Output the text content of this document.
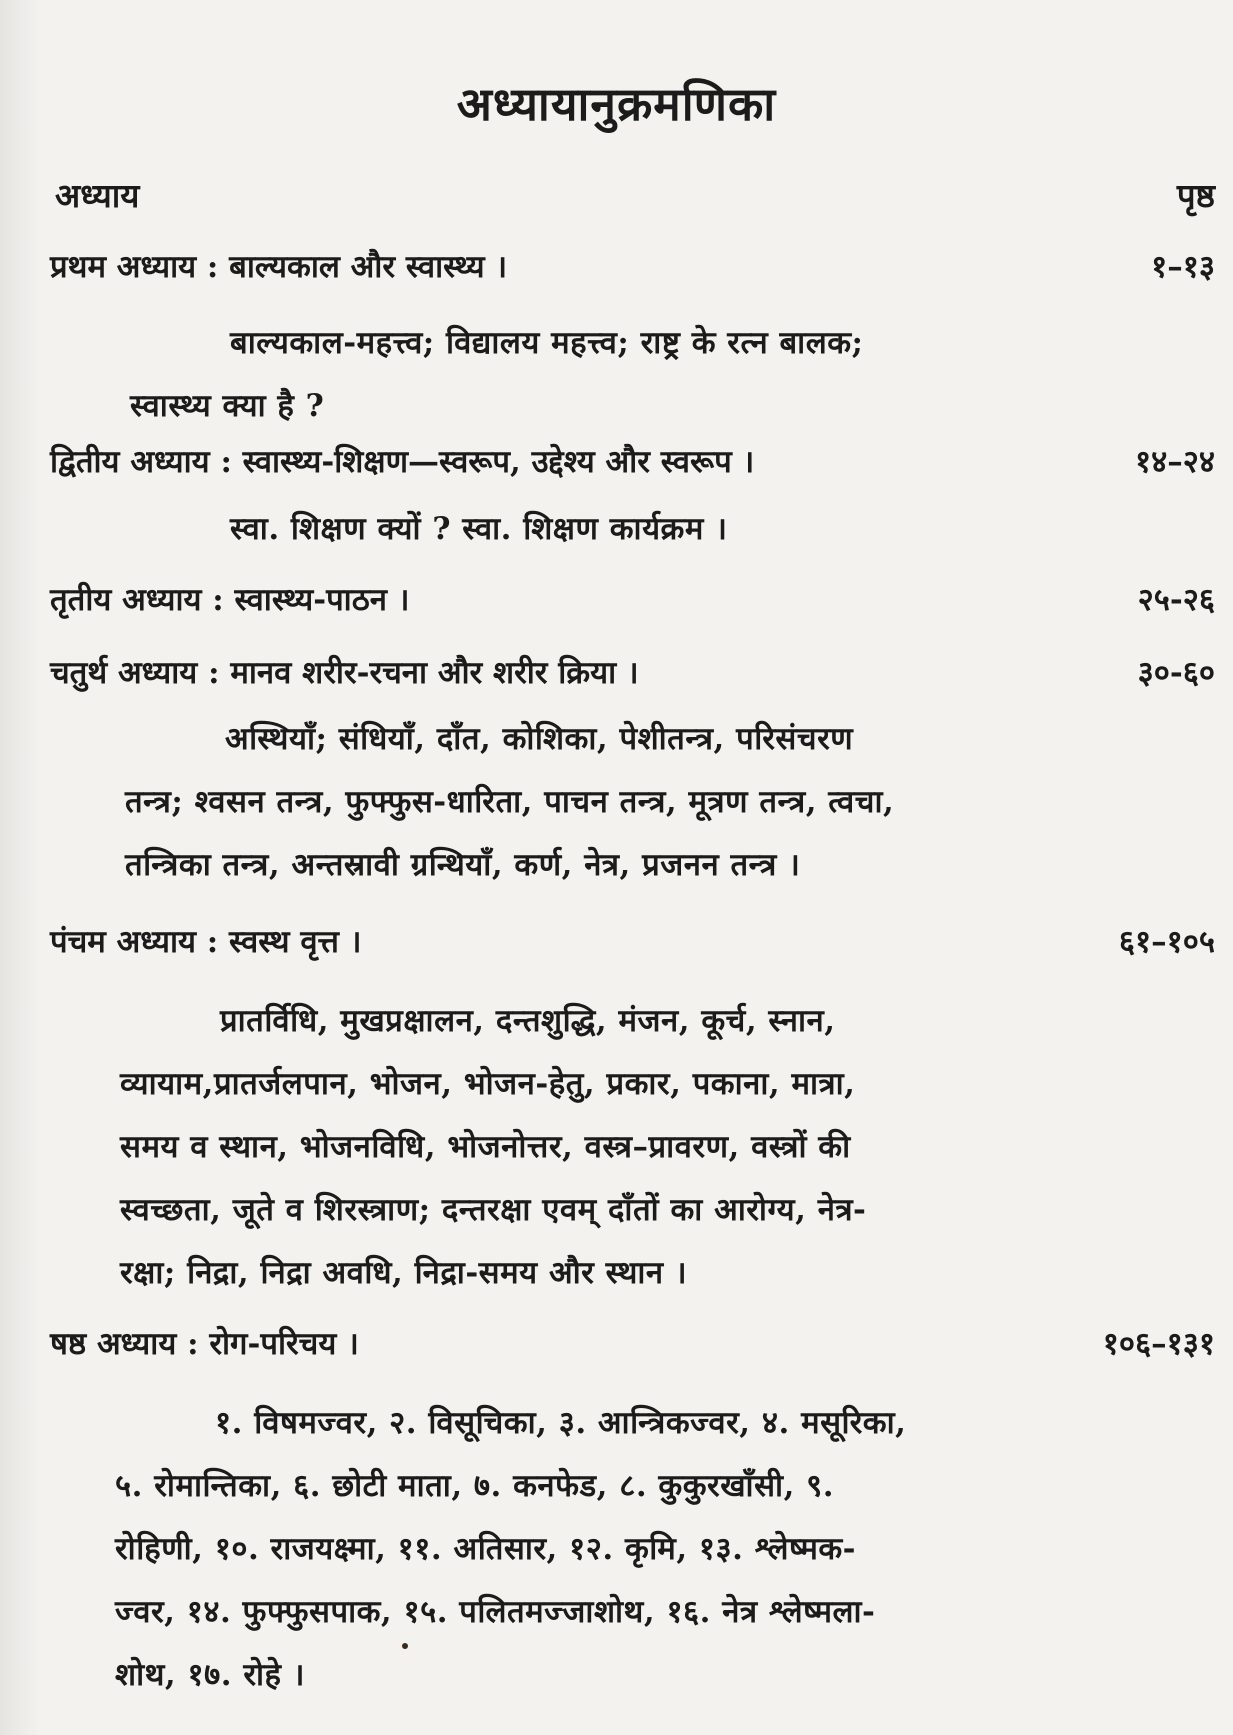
अध्यायानुक्रमणिका
अध्याय	पृष्ठ
प्रथम अध्याय : बाल्यकाल और स्वास्थ्य ।	१–१३
बाल्यकाल-महत्त्व; विद्यालय महत्त्व; राष्ट्र के रत्न बालक;
स्वास्थ्य क्या है ?
द्वितीय अध्याय : स्वास्थ्य-शिक्षण—स्वरूप, उद्देश्य और स्वरूप ।	१४–२४
स्वा. शिक्षण क्यों ? स्वा. शिक्षण कार्यक्रम ।
तृतीय अध्याय : स्वास्थ्य-पाठन ।	२५-२६
चतुर्थ अध्याय : मानव शरीर-रचना और शरीर क्रिया ।	३०-६०
अस्थियाँ; संधियाँ, दाँत, कोशिका, पेशीतन्त्र, परिसंचरण
तन्त्र; श्वसन तन्त्र, फुफ्फुस-धारिता, पाचन तन्त्र, मूत्रण तन्त्र, त्वचा,
तन्त्रिका तन्त्र, अन्तस्रावी ग्रन्थियाँ, कर्ण, नेत्र, प्रजनन तन्त्र ।
पंचम अध्याय : स्वस्थ वृत्त ।	६१–१०५
प्रातर्विधि, मुखप्रक्षालन, दन्तशुद्धि, मंजन, कूर्च, स्नान,
व्यायाम,प्रातर्जलपान, भोजन, भोजन-हेतु, प्रकार, पकाना, मात्रा,
समय व स्थान, भोजनविधि, भोजनोत्तर, वस्त्र–प्रावरण, वस्त्रों की
स्वच्छता, जूते व शिरस्त्राण; दन्तरक्षा एवम् दाँतों का आरोग्य, नेत्र-
रक्षा; निद्रा, निद्रा अवधि, निद्रा-समय और स्थान ।
षष्ठ अध्याय : रोग-परिचय ।	१०६–१३१
१. विषमज्वर, २. विसूचिका, ३. आन्त्रिकज्वर, ४. मसूरिका,
५. रोमान्तिका, ६. छोटी माता, ७. कनफेड, ८. कुकुरखाँसी, ९.
रोहिणी, १०. राजयक्ष्मा, ११. अतिसार, १२. कृमि, १३. श्लेष्मक-
ज्वर, १४. फुफ्फुसपाक, १५. पलितमज्जाशोथ, १६. नेत्र श्लेष्मला-
शोथ, १७. रोहे ।
